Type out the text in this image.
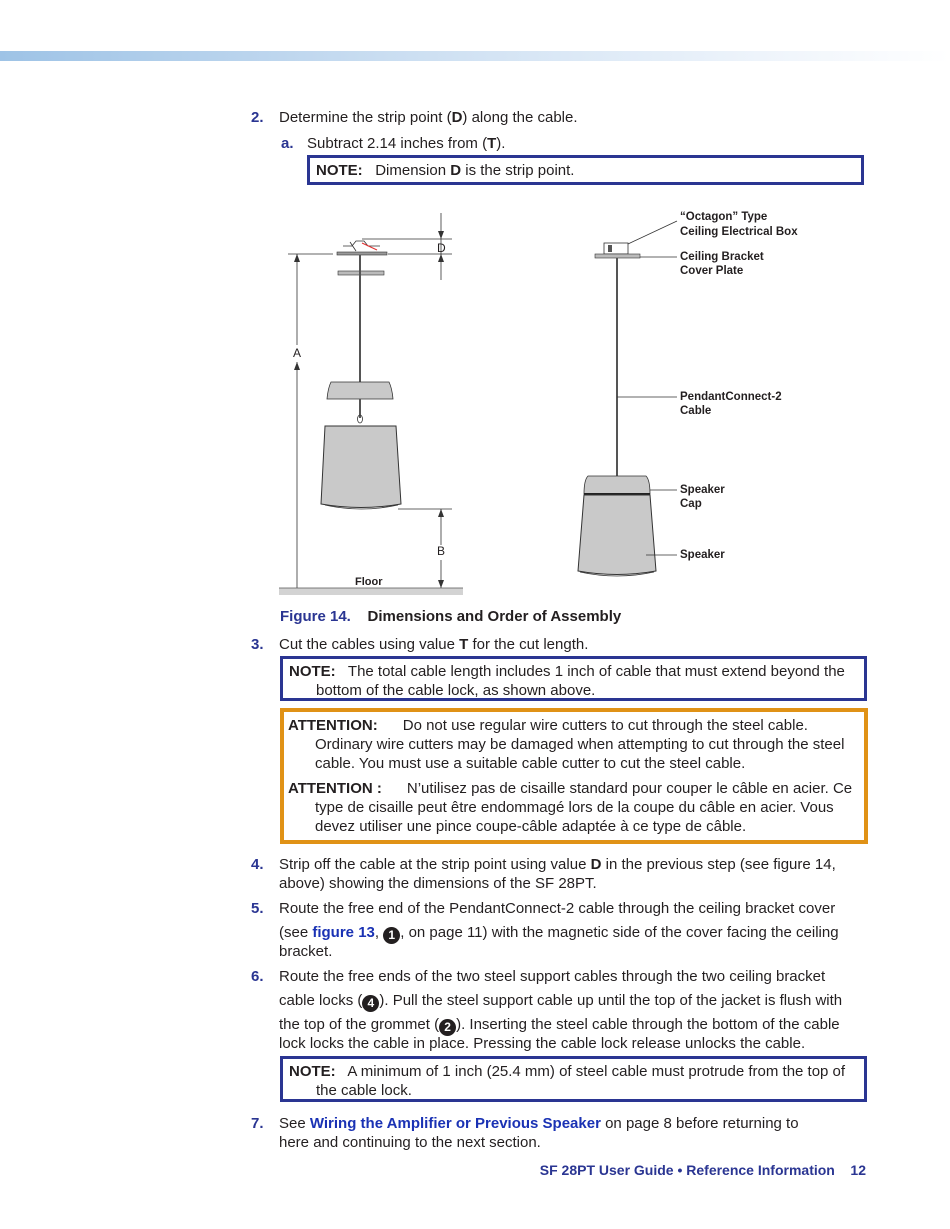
2. Determine the strip point (D) along the cable.
a. Subtract 2.14 inches from (T).
NOTE: Dimension D is the strip point.
D
A
B
Floor
“Octagon” Type
Ceiling Electrical Box
Ceiling Bracket
Cover Plate
PendantConnect-2
Cable
Speaker
Cap
Speaker
Figure 14. Dimensions and Order of Assembly
3. Cut the cables using value T for the cut length.
NOTE: The total cable length includes 1 inch of cable that must extend beyond the
bottom of the cable lock, as shown above.
ATTENTION: Do not use regular wire cutters to cut through the steel cable.
Ordinary wire cutters may be damaged when attempting to cut through the steel
cable. You must use a suitable cable cutter to cut the steel cable.
ATTENTION : N’utilisez pas de cisaille standard pour couper le câble en acier. Ce
type de cisaille peut être endommagé lors de la coupe du câble en acier. Vous
devez utiliser une pince coupe-câble adaptée à ce type de câble.
4. Strip off the cable at the strip point using value D in the previous step (see figure 14,
above) showing the dimensions of the SF 28PT.
5. Route the free end of the PendantConnect-2 cable through the ceiling bracket cover
(see figure 13, 1 , on page 11) with the magnetic side of the cover facing the ceiling
bracket.
6. Route the free ends of the two steel support cables through the two ceiling bracket
cable locks ( 4 ). Pull the steel support cable up until the top of the jacket is flush with
the top of the grommet ( 2 ). Inserting the steel cable through the bottom of the cable
lock locks the cable in place. Pressing the cable lock release unlocks the cable.
NOTE: A minimum of 1 inch (25.4 mm) of steel cable must protrude from the top of
the cable lock.
7. See Wiring the Amplifier or Previous Speaker on page 8 before returning to
here and continuing to the next section.
SF 28PT User Guide • Reference Information 12
